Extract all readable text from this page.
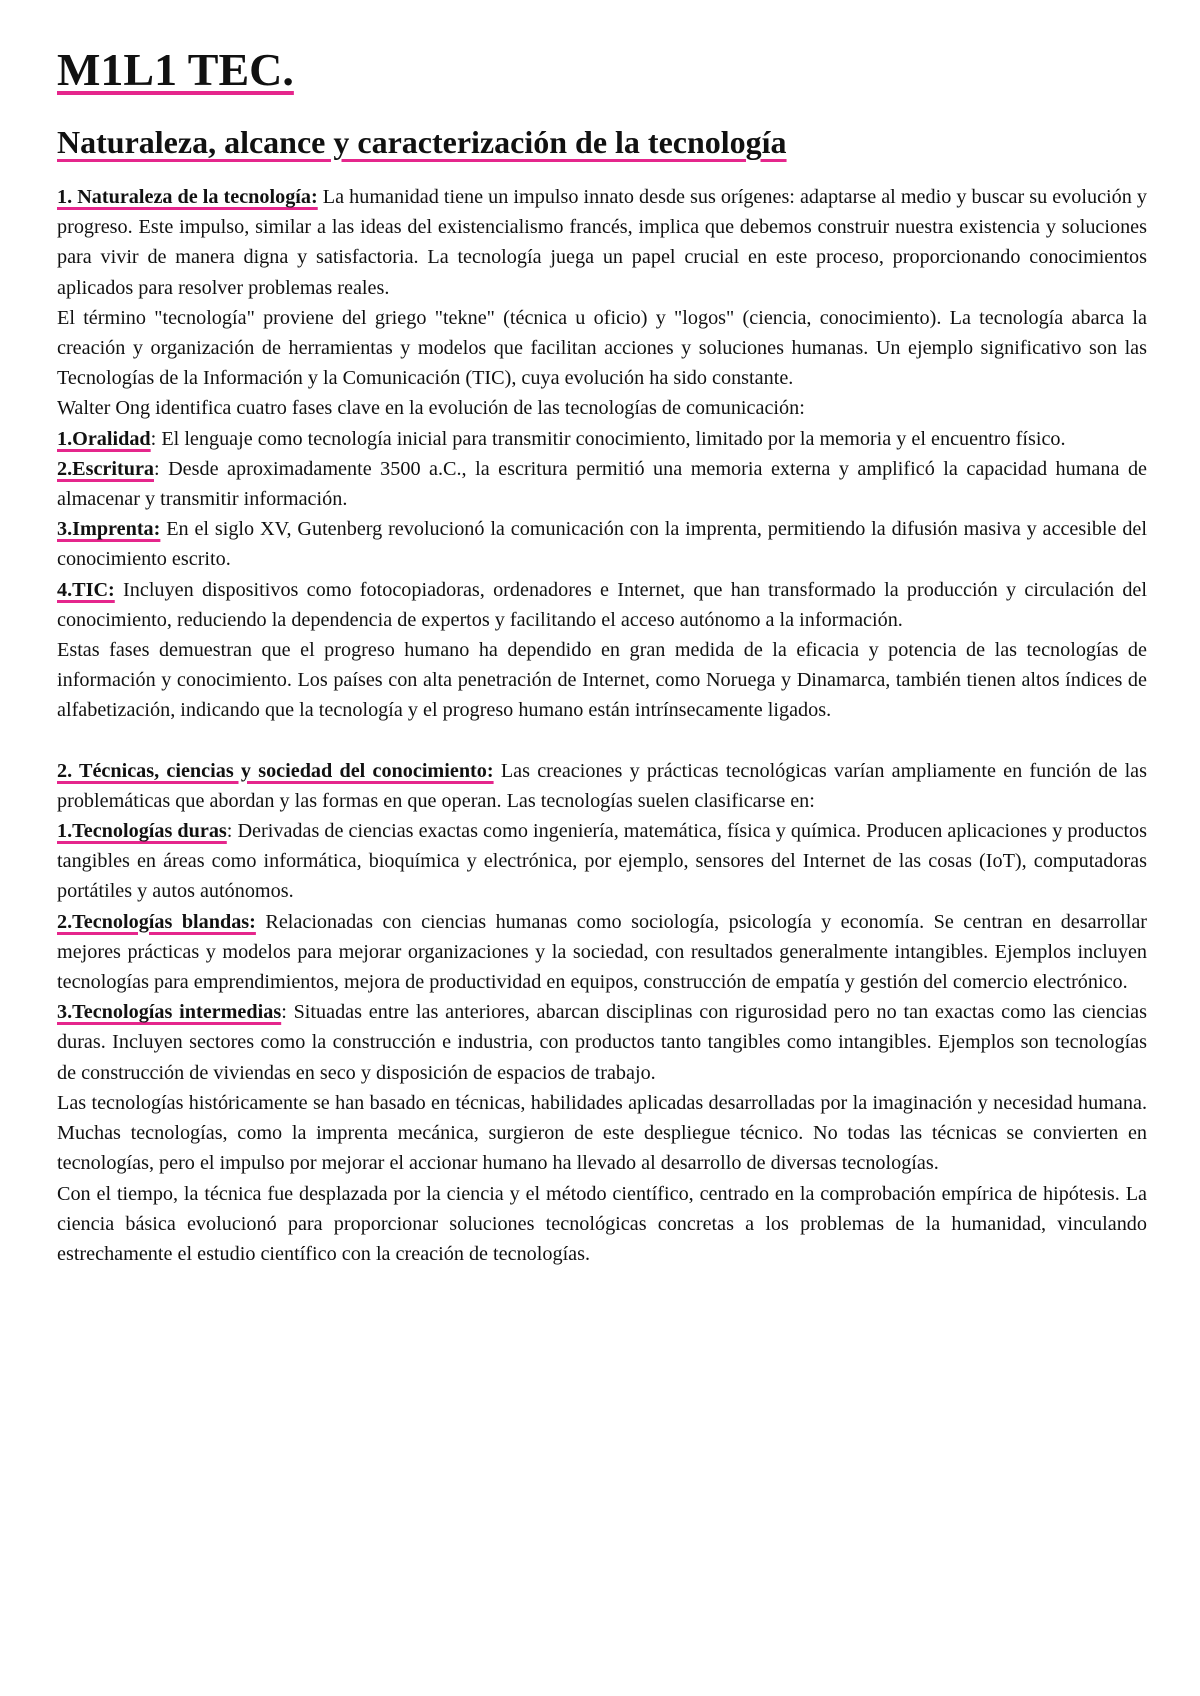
M1L1 TEC.
Naturaleza, alcance y caracterización de la tecnología

1. Naturaleza de la tecnología: La humanidad tiene un impulso innato desde sus orígenes: adaptarse al medio y buscar su evolución y progreso. Este impulso, similar a las ideas del existencialismo francés, implica que debemos construir nuestra existencia y soluciones para vivir de manera digna y satisfactoria. La tecnología juega un papel crucial en este proceso, proporcionando conocimientos aplicados para resolver problemas reales.

El término "tecnología" proviene del griego "tekne" (técnica u oficio) y "logos" (ciencia, conocimiento). La tecnología abarca la creación y organización de herramientas y modelos que facilitan acciones y soluciones humanas. Un ejemplo significativo son las Tecnologías de la Información y la Comunicación (TIC), cuya evolución ha sido constante.

Walter Ong identifica cuatro fases clave en la evolución de las tecnologías de comunicación:

1.Oralidad: El lenguaje como tecnología inicial para transmitir conocimiento, limitado por la memoria y el encuentro físico.

2.Escritura: Desde aproximadamente 3500 a.C., la escritura permitió una memoria externa y amplificó la capacidad humana de almacenar y transmitir información.

3.Imprenta: En el siglo XV, Gutenberg revolucionó la comunicación con la imprenta, permitiendo la difusión masiva y accesible del conocimiento escrito.

4.TIC: Incluyen dispositivos como fotocopiadoras, ordenadores e Internet, que han transformado la producción y circulación del conocimiento, reduciendo la dependencia de expertos y facilitando el acceso autónomo a la información.

Estas fases demuestran que el progreso humano ha dependido en gran medida de la eficacia y potencia de las tecnologías de información y conocimiento. Los países con alta penetración de Internet, como Noruega y Dinamarca, también tienen altos índices de alfabetización, indicando que la tecnología y el progreso humano están intrínsecamente ligados.

2. Técnicas, ciencias y sociedad del conocimiento: Las creaciones y prácticas tecnológicas varían ampliamente en función de las problemáticas que abordan y las formas en que operan. Las tecnologías suelen clasificarse en:

1.Tecnologías duras: Derivadas de ciencias exactas como ingeniería, matemática, física y química. Producen aplicaciones y productos tangibles en áreas como informática, bioquímica y electrónica, por ejemplo, sensores del Internet de las cosas (IoT), computadoras portátiles y autos autónomos.

2.Tecnologías blandas: Relacionadas con ciencias humanas como sociología, psicología y economía. Se centran en desarrollar mejores prácticas y modelos para mejorar organizaciones y la sociedad, con resultados generalmente intangibles. Ejemplos incluyen tecnologías para emprendimientos, mejora de productividad en equipos, construcción de empatía y gestión del comercio electrónico.

3.Tecnologías intermedias: Situadas entre las anteriores, abarcan disciplinas con rigurosidad pero no tan exactas como las ciencias duras. Incluyen sectores como la construcción e industria, con productos tanto tangibles como intangibles. Ejemplos son tecnologías de construcción de viviendas en seco y disposición de espacios de trabajo.

Las tecnologías históricamente se han basado en técnicas, habilidades aplicadas desarrolladas por la imaginación y necesidad humana. Muchas tecnologías, como la imprenta mecánica, surgieron de este despliegue técnico. No todas las técnicas se convierten en tecnologías, pero el impulso por mejorar el accionar humano ha llevado al desarrollo de diversas tecnologías.

Con el tiempo, la técnica fue desplazada por la ciencia y el método científico, centrado en la comprobación empírica de hipótesis. La ciencia básica evolucionó para proporcionar soluciones tecnológicas concretas a los problemas de la humanidad, vinculando estrechamente el estudio científico con la creación de tecnologías.
